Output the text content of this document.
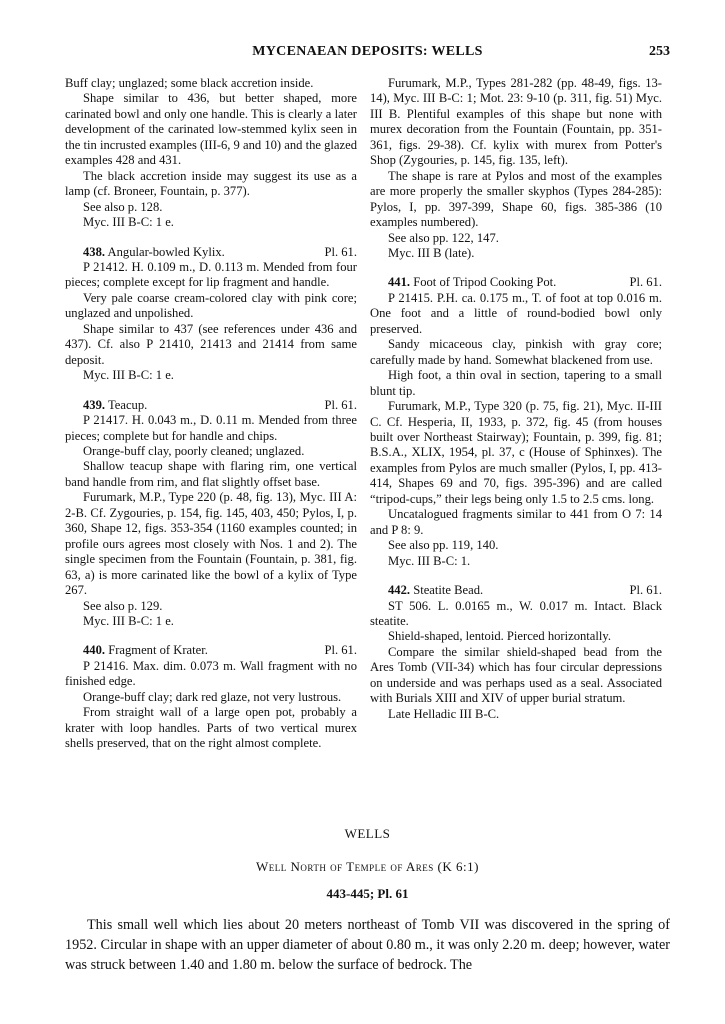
MYCENAEAN DEPOSITS: WELLS	253

Buff clay; unglazed; some black accretion inside.

Shape similar to 436, but better shaped, more carinated bowl and only one handle. This is clearly a later development of the carinated low-stemmed kylix seen in the tin incrusted examples (III-6, 9 and 10) and the glazed examples 428 and 431.

The black accretion inside may suggest its use as a lamp (cf. Broneer, Fountain, p. 377).

See also p. 128.

Myc. III B-C: 1 e.

438. Angular-bowled Kylix.	Pl. 61.

P 21412. H. 0.109 m., D. 0.113 m. Mended from four pieces; complete except for lip fragment and handle.

Very pale coarse cream-colored clay with pink core; unglazed and unpolished.

Shape similar to 437 (see references under 436 and 437). Cf. also P 21410, 21413 and 21414 from same deposit.

Myc. III B-C: 1 e.

439. Teacup.	Pl. 61.

P 21417. H. 0.043 m., D. 0.11 m. Mended from three pieces; complete but for handle and chips.

Orange-buff clay, poorly cleaned; unglazed.

Shallow teacup shape with flaring rim, one vertical band handle from rim, and flat slightly offset base.

Furumark, M.P., Type 220 (p. 48, fig. 13), Myc. III A: 2-B. Cf. Zygouries, p. 154, fig. 145, 403, 450; Pylos, I, p. 360, Shape 12, figs. 353-354 (1160 examples counted; in profile ours agrees most closely with Nos. 1 and 2). The single specimen from the Fountain (Fountain, p. 381, fig. 63, a) is more carinated like the bowl of a kylix of Type 267.

See also p. 129.

Myc. III B-C: 1 e.

440. Fragment of Krater.	Pl. 61.

P 21416. Max. dim. 0.073 m. Wall fragment with no finished edge.

Orange-buff clay; dark red glaze, not very lustrous.

From straight wall of a large open pot, probably a krater with loop handles. Parts of two vertical murex shells preserved, that on the right almost complete.

Furumark, M.P., Types 281-282 (pp. 48-49, figs. 13-14), Myc. III B-C: 1; Mot. 23: 9-10 (p. 311, fig. 51) Myc. III B. Plentiful examples of this shape but none with murex decoration from the Fountain (Fountain, pp. 351-361, figs. 29-38). Cf. kylix with murex from Potter's Shop (Zygouries, p. 145, fig. 135, left).

The shape is rare at Pylos and most of the examples are more properly the smaller skyphos (Types 284-285): Pylos, I, pp. 397-399, Shape 60, figs. 385-386 (10 examples numbered).

See also pp. 122, 147.

Myc. III B (late).

441. Foot of Tripod Cooking Pot.	Pl. 61.

P 21415. P.H. ca. 0.175 m., T. of foot at top 0.016 m. One foot and a little of round-bodied bowl only preserved.

Sandy micaceous clay, pinkish with gray core; carefully made by hand. Somewhat blackened from use.

High foot, a thin oval in section, tapering to a small blunt tip.

Furumark, M.P., Type 320 (p. 75, fig. 21), Myc. II-III C. Cf. Hesperia, II, 1933, p. 372, fig. 45 (from houses built over Northeast Stairway); Fountain, p. 399, fig. 81; B.S.A., XLIX, 1954, pl. 37, c (House of Sphinxes). The examples from Pylos are much smaller (Pylos, I, pp. 413-414, Shapes 69 and 70, figs. 395-396) and are called “tripod-cups,” their legs being only 1.5 to 2.5 cms. long.

Uncatalogued fragments similar to 441 from O 7: 14 and P 8: 9.

See also pp. 119, 140.

Myc. III B-C: 1.

442. Steatite Bead.	Pl. 61.

ST 506. L. 0.0165 m., W. 0.017 m. Intact. Black steatite.

Shield-shaped, lentoid. Pierced horizontally.

Compare the similar shield-shaped bead from the Ares Tomb (VII-34) which has four circular depressions on underside and was perhaps used as a seal. Associated with Burials XIII and XIV of upper burial stratum.

Late Helladic III B-C.

WELLS
Well North of Temple of Ares (K 6:1)
443-445; Pl. 61

This small well which lies about 20 meters northeast of Tomb VII was discovered in the spring of 1952. Circular in shape with an upper diameter of about 0.80 m., it was only 2.20 m. deep; however, water was struck between 1.40 and 1.80 m. below the surface of bedrock. The
